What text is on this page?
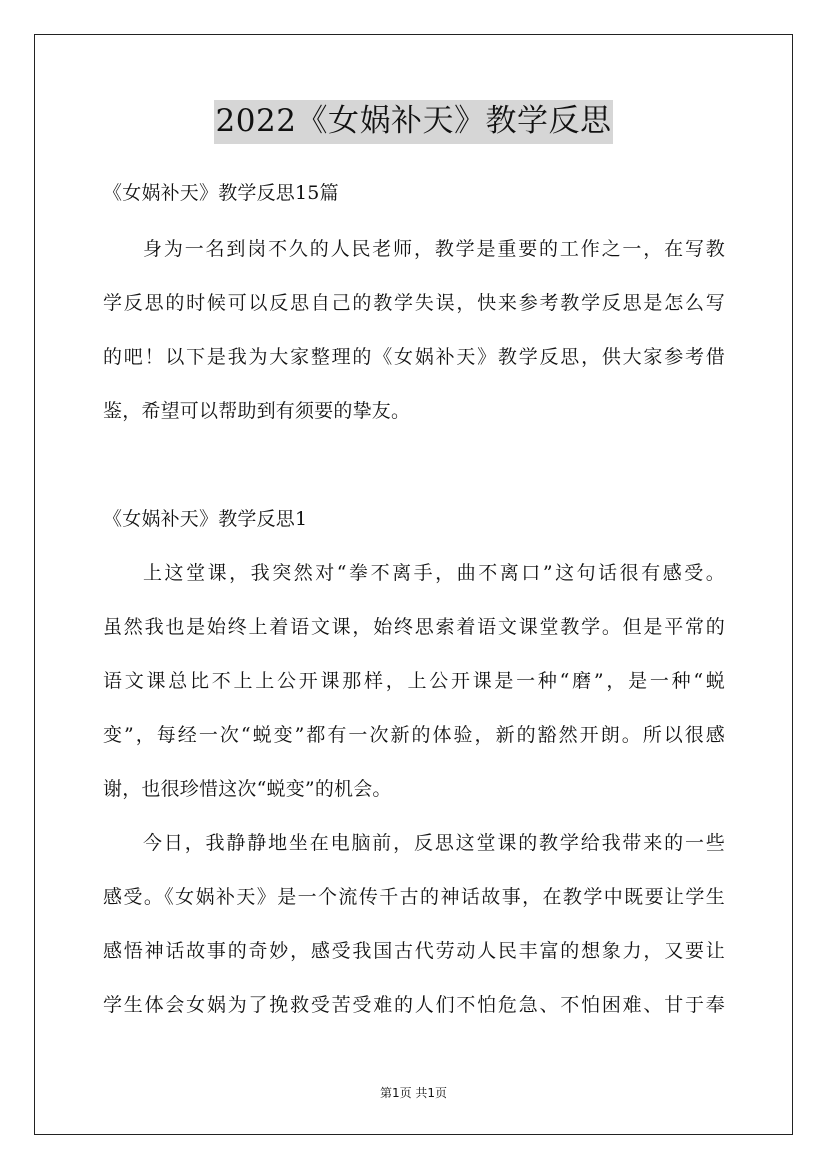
2022《女娲补天》教学反思
《女娲补天》教学反思15篇
身为一名到岗不久的人民老师，教学是重要的工作之一，在写教
学反思的时候可以反思自己的教学失误，快来参考教学反思是怎么写
的吧！以下是我为大家整理的《女娲补天》教学反思，供大家参考借
鉴，希望可以帮助到有须要的挚友。
《女娲补天》教学反思1
上这堂课，我突然对“拳不离手，曲不离口”这句话很有感受。
虽然我也是始终上着语文课，始终思索着语文课堂教学。但是平常的
语文课总比不上上公开课那样，上公开课是一种“磨”，是一种“蜕
变”，每经一次“蜕变”都有一次新的体验，新的豁然开朗。所以很感
谢，也很珍惜这次“蜕变”的机会。
今日，我静静地坐在电脑前，反思这堂课的教学给我带来的一些
感受。《女娲补天》是一个流传千古的神话故事，在教学中既要让学生
感悟神话故事的奇妙，感受我国古代劳动人民丰富的想象力，又要让
学生体会女娲为了挽救受苦受难的人们不怕危急、不怕困难、甘于奉
第1页 共1页
